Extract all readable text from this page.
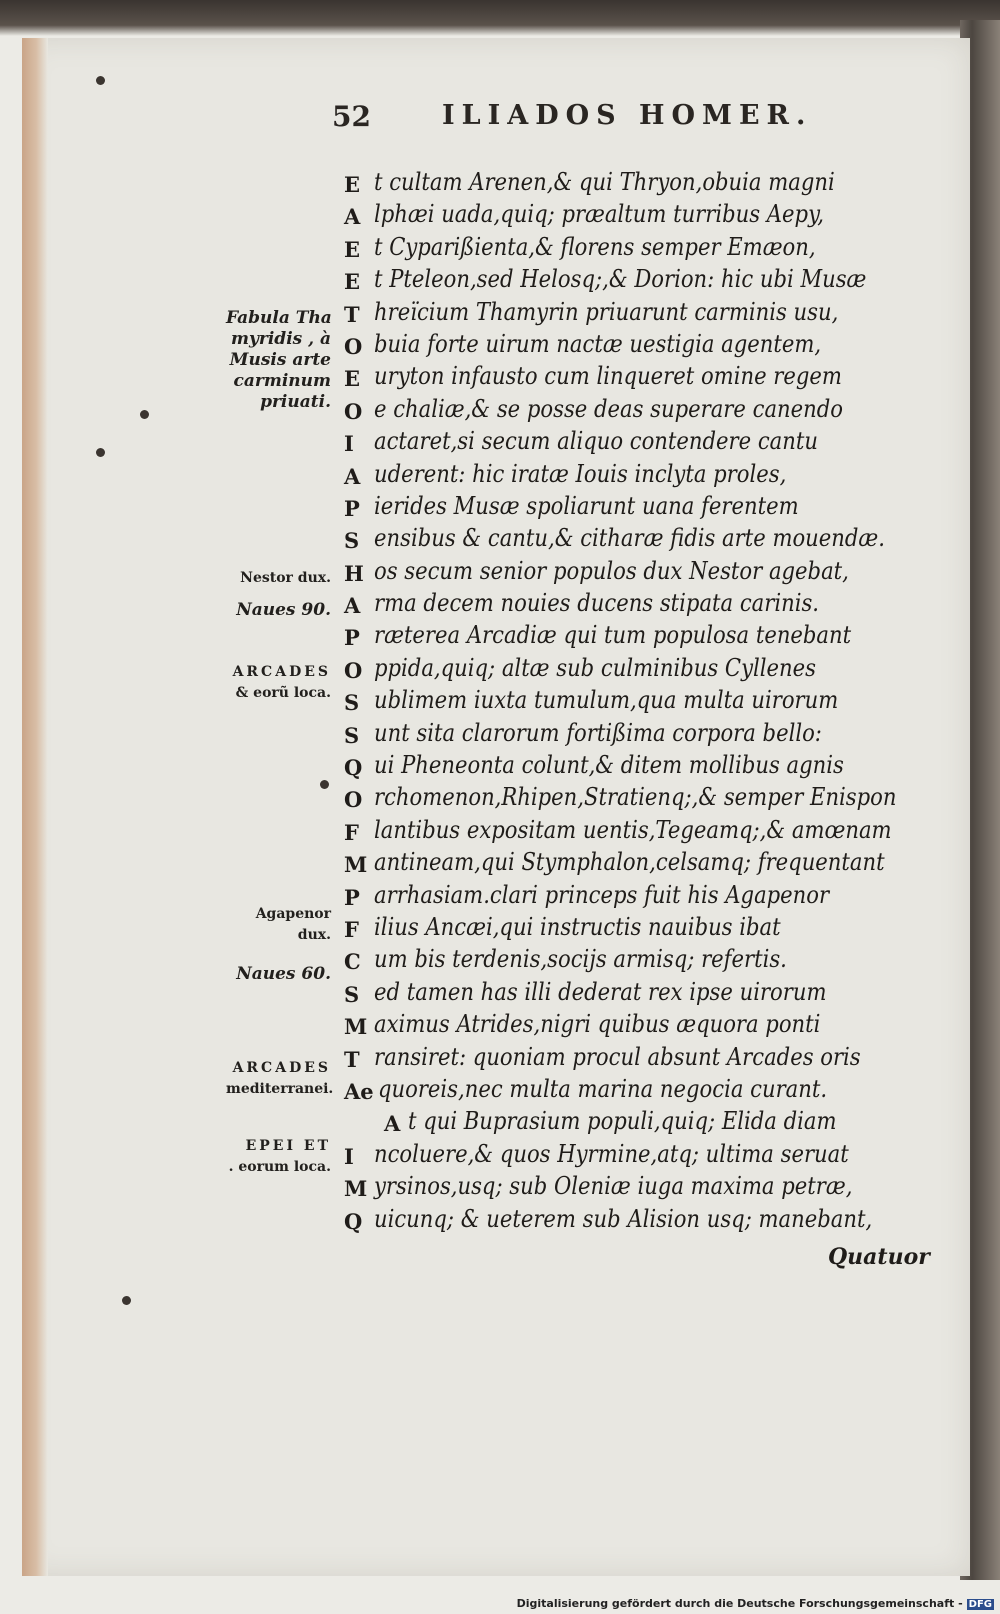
52	ILIADOS HOMER.
E t cultam Arenen,& qui Thryon,obuia magni
A lphæi uada,quiq; præaltum turribus Aepy,
E t Cyparißienta,& florens semper Emæon,
E t Pteleon,sed Helosq;,& Dorion: hic ubi Musæ
T hreïcium Thamyrin priuarunt carminis usu,
O buia forte uirum nactæ uestigia agentem,
E uryton infausto cum linqueret omine regem
O e chaliæ,& se posse deas superare canendo
I actaret,si secum aliquo contendere cantu
A uderent: hic iratæ Iouis inclyta proles,
P ierides Musæ spoliarunt uana ferentem
S ensibus & cantu,& citharæ fidis arte mouendæ.
H os secum senior populos dux Nestor agebat,
A rma decem nouies ducens stipata carinis.
P ræterea Arcadiæ qui tum populosa tenebant
O ppida,quiq; altæ sub culminibus Cyllenes
S ublimem iuxta tumulum,qua multa uirorum
S unt sita clarorum fortißima corpora bello:
Q ui Pheneonta colunt,& ditem mollibus agnis
O rchomenon,Rhipen,Stratienq;,& semper Enispon
F lantibus expositam uentis,Tegeamq;,& amœnam
M antineam,qui Stymphalon,celsamq; frequentant
P arrhasiam.clari princeps fuit his Agapenor
F ilius Ancæi,qui instructis nauibus ibat
C um bis terdenis,socijs armisq; refertis.
S ed tamen has illi dederat rex ipse uirorum
M aximus Atrides,nigri quibus æquora ponti
T ransiret: quoniam procul absunt Arcades oris
Ae quoreis,nec multa marina negocia curant.
A t qui Buprasium populi,quiq; Elida diam
I ncoluere,& quos Hyrmine,atq; ultima seruat
M yrsinos,usq; sub Oleniæ iuga maxima petræ,
Q uicunq; & ueterem sub Alision usq; manebant,
Fabula Tha
myridis , à
Musis arte
carminum
priuati.
Nestor dux.
Naues 90.
ARCADES
& eorũ loca.
Agapenor
dux.
Naues 60.
ARCADES
mediterranei.
EPEI ET
. eorum loca.
Quatuor
Digitalisierung gefördert durch die Deutsche Forschungsgemeinschaft - DFG
